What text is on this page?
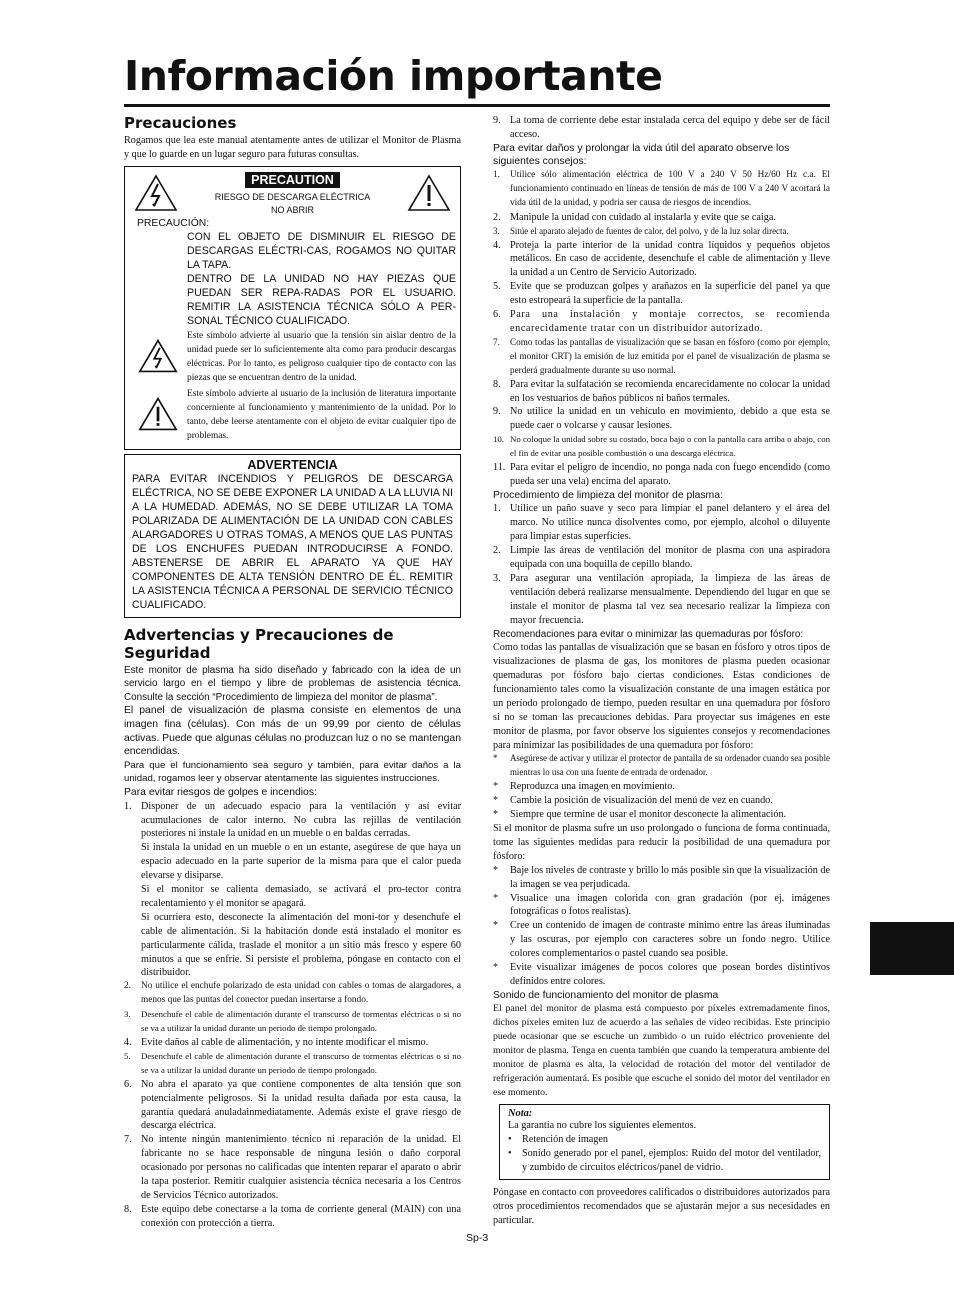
Información importante
Precauciones

Rogamos que lea este manual atentamente antes de utilizar el Monitor de Plasma y que lo guarde en un lugar seguro para futuras consultas.

PRECAUTION
RIESGO DE DESCARGA ELÉCTRICA NO ABRIR
PRECAUCIÓN:
CON EL OBJETO DE DISMINUIR EL RIESGO DE DESCARGAS ELÉCTRI-CAS, ROGAMOS NO QUITAR LA TAPA.
DENTRO DE LA UNIDAD NO HAY PIEZAS QUE PUEDAN SER REPA-RADAS POR EL USUARIO. REMITIR LA ASISTENCIA TÉCNICA SÓLO A PER-SONAL TÉCNICO CUALIFICADO.

Este símbolo advierte al usuario que la tensión sin aislar dentro de la unidad puede ser lo suficientemente alta como para producir descargas eléctricas. Por lo tanto, es peligroso cualquier tipo de contacto con las piezas que se encuentran dentro de la unidad.

Este símbolo advierte al usuario de la inclusión de literatura importante concerniente al funcionamiento y mantenimiento de la unidad. Por lo tanto, debe leerse atentamente con el objeto de evitar cualquier tipo de problemas.

ADVERTENCIA
PARA EVITAR INCENDIOS Y PELIGROS DE DESCARGA ELÉCTRICA, NO SE DEBE EXPONER LA UNIDAD A LA LLUVIA NI A LA HUMEDAD. ADEMÁS, NO SE DEBE UTILIZAR LA TOMA POLARIZADA DE ALIMENTACIÓN DE LA UNIDAD CON CABLES ALARGADORES U OTRAS TOMAS, A MENOS QUE LAS PUNTAS DE LOS ENCHUFES PUEDAN INTRODUCIRSE A FONDO. ABSTENERSE DE ABRIR EL APARATO YA QUE HAY COMPONENTES DE ALTA TENSIÓN DENTRO DE ÉL. REMITIR LA ASISTENCIA TÉCNICA A PERSONAL DE SERVICIO TÉCNICO CUALIFICADO.
Advertencias y Precauciones de Seguridad

Este monitor de plasma ha sido diseñado y fabricado con la idea de un servicio largo en el tiempo y libre de problemas de asistencia técnica. Consulte la sección “Procedimiento de limpieza del monitor de plasma”.

El panel de visualización de plasma consiste en elementos de una imagen fina (células). Con más de un 99,99 por ciento de células activas. Puede que algunas células no produzcan luz o no se mantengan encendidas.

Para que el funcionamiento sea seguro y también, para evitar daños a la unidad, rogamos leer y observar atentamente las siguientes instrucciones.

Para evitar riesgos de golpes e incendios:

1. Disponer de un adecuado espacio para la ventilación y así evitar acumulaciones de calor interno. No cubra las rejillas de ventilación posteriores ni instale la unidad en un mueble o en baldas cerradas.
Si instala la unidad en un mueble o en un estante, asegúrese de que haya un espacio adecuado en la parte superior de la misma para que el calor pueda elevarse y disiparse.
Si el monitor se calienta demasiado, se activará el pro-tector contra recalentamiento y el monitor se apagará.
Si ocurriera esto, desconecte la alimentación del moni-tor y desenchufe el cable de alimentación. Si la habitación donde está instalado el monitor es particularmente cálida, traslade el monitor a un sitio más fresco y espere 60 minutos a que se enfríe. Si persiste el problema, póngase en contacto con el distribuidor.
2. No utilice el enchufe polarizado de esta unidad con cables o tomas de alargadores, a menos que las puntas del conector puedan insertarse a fondo.
3. Desenchufe el cable de alimentación durante el transcurso de tormentas eléctricas o si no se va a utilizar la unidad durante un periodo de tiempo prolongado.
4. Evite daños al cable de alimentación, y no intente modificar el mismo.
5. Desenchufe el cable de alimentación durante el transcurso de tormentas eléctricas o si no se va a utilizar la unidad durante un periodo de tiempo prolongado.
6. No abra el aparato ya que contiene componentes de alta tensión que son potencialmente peligrosos. Si la unidad resulta dañada por esta causa, la garantía quedará anuladainmediatamente. Además existe el grave riesgo de descarga eléctrica.
7. No intente ningún mantenimiento técnico ni reparación de la unidad. El fabricante no se hace responsable de ninguna lesión o daño corporal ocasionado por personas no calificadas que intenten reparar el aparato o abrir la tapa posterior. Remitir cualquier asistencia técnica necesaria a los Centros de Servicios Técnico autorizados.
8. Este equipo debe conectarse a la toma de corriente general (MAIN) con una conexión con protección a tierra.
9. La toma de corriente debe estar instalada cerca del equipo y debe ser de fácil acceso.

Para evitar daños y prolongar la vida útil del aparato observe los siguientes consejos:

1. Utilice sólo alimentación eléctrica de 100 V a 240 V 50 Hz/60 Hz c.a. El funcionamiento continuado en líneas de tensión de más de 100 V a 240 V acortará la vida útil de la unidad, y podría ser causa de riesgos de incendios.
2. Manipule la unidad con cuidado al instalarla y evite que se caiga.
3. Sitúe el aparato alejado de fuentes de calor, del polvo, y de la luz solar directa.
4. Proteja la parte interior de la unidad contra líquidos y pequeños objetos metálicos. En caso de accidente, desenchufe el cable de alimentación y lleve la unidad a un Centro de Servicio Autorizado.
5. Evite que se produzcan golpes y arañazos en la superficie del panel ya que esto estropeará la superficie de la pantalla.
6. Para una instalación y montaje correctos, se recomienda encarecidamente tratar con un distribuidor autorizado.
7. Como todas las pantallas de visualización que se basan en fósforo (como por ejemplo, el monitor CRT) la emisión de luz emitida por el panel de visualización de plasma se perderá gradualmente durante su uso normal.
8. Para evitar la sulfatación se recomienda encarecidamente no colocar la unidad en los vestuarios de baños públicos ni baños termales.
9. No utilice la unidad en un vehículo en movimiento, debido a que esta se puede caer o volcarse y causar lesiones.
10. No coloque la unidad sobre su costado, boca bajo o con la pantalla cara arriba o abajo, con el fin de evitar una posible combustión o una descarga eléctrica.
11. Para evitar el peligro de incendio, no ponga nada con fuego encendido (como pueda ser una vela) encima del aparato.

Procedimiento de limpieza del monitor de plasma:

1. Utilice un paño suave y seco para limpiar el panel delantero y el área del marco. No utilice nunca disolventes como, por ejemplo, alcohol o diluyente para limpiar estas superficies.
2. Limpie las áreas de ventilación del monitor de plasma con una aspiradora equipada con una boquilla de cepillo blando.
3. Para asegurar una ventilación apropiada, la limpieza de las áreas de ventilación deberá realizarse mensualmente. Dependiendo del lugar en que se instale el monitor de plasma tal vez sea necesario realizar la limpieza con mayor frecuencia.

Recomendaciones para evitar o minimizar las quemaduras por fósforo:

Como todas las pantallas de visualización que se basan en fósforo y otros tipos de visualizaciones de plasma de gas, los monitores de plasma pueden ocasionar quemaduras por fósforo bajo ciertas condiciones. Estas condiciones de funcionamiento tales como la visualización constante de una imagen estática por un período prolongado de tiempo, pueden resultar en una quemadura por fósforo si no se toman las precauciones debidas. Para proyectar sus imágenes en este monitor de plasma, por favor observe los siguientes consejos y recomendaciones para minimizar las posibilidades de una quemadura por fósforo:

* Asegúrese de activar y utilizar el protector de pantalla de su ordenador cuando sea posible mientras lo usa con una fuente de entrada de ordenador.
* Reproduzca una imagen en movimiento.
* Cambie la posición de visualización del menú de vez en cuando.
* Siempre que termine de usar el monitor desconecte la alimentación.

Si el monitor de plasma sufre un uso prolongado o funciona de forma continuada, tome las siguientes medidas para reducir la posibilidad de una quemadura por fósforo:

* Baje los niveles de contraste y brillo lo más posible sin que la visualización de la imagen se vea perjudicada.
* Visualice una imagen colorida con gran gradación (por ej. imágenes fotográficas o fotos realistas).
* Cree un contenido de imagen de contraste mínimo entre las áreas iluminadas y las oscuras, por ejemplo con caracteres sobre un fondo negro. Utilice colores complementarios o pastel cuando sea posible.
* Evite visualizar imágenes de pocos colores que posean bordes distintivos definidos entre colores.

Sonido de funcionamiento del monitor de plasma

El panel del monitor de plasma está compuesto por píxeles extremadamente finos, dichos píxeles emiten luz de acuerdo a las señales de vídeo recibidas. Este principio puede ocasionar que se escuche un zumbido o un ruido eléctrico proveniente del monitor de plasma. Tenga en cuenta también que cuando la temperatura ambiente del monitor de plasma es alta, la velocidad de rotación del motor del ventilador de refrigeración aumentará. Es posible que escuche el sonido del motor del ventilador en ese momento.

Nota:
La garantía no cubre los siguientes elementos.
• Retención de imagen
• Sonido generado por el panel, ejemplos: Ruido del motor del ventilador, y zumbido de circuitos eléctricos/panel de vidrio.

Póngase en contacto con proveedores calificados o distribuidores autorizados para otros procedimientos recomendados que se ajustarán mejor a sus necesidades en particular.

Sp-3
